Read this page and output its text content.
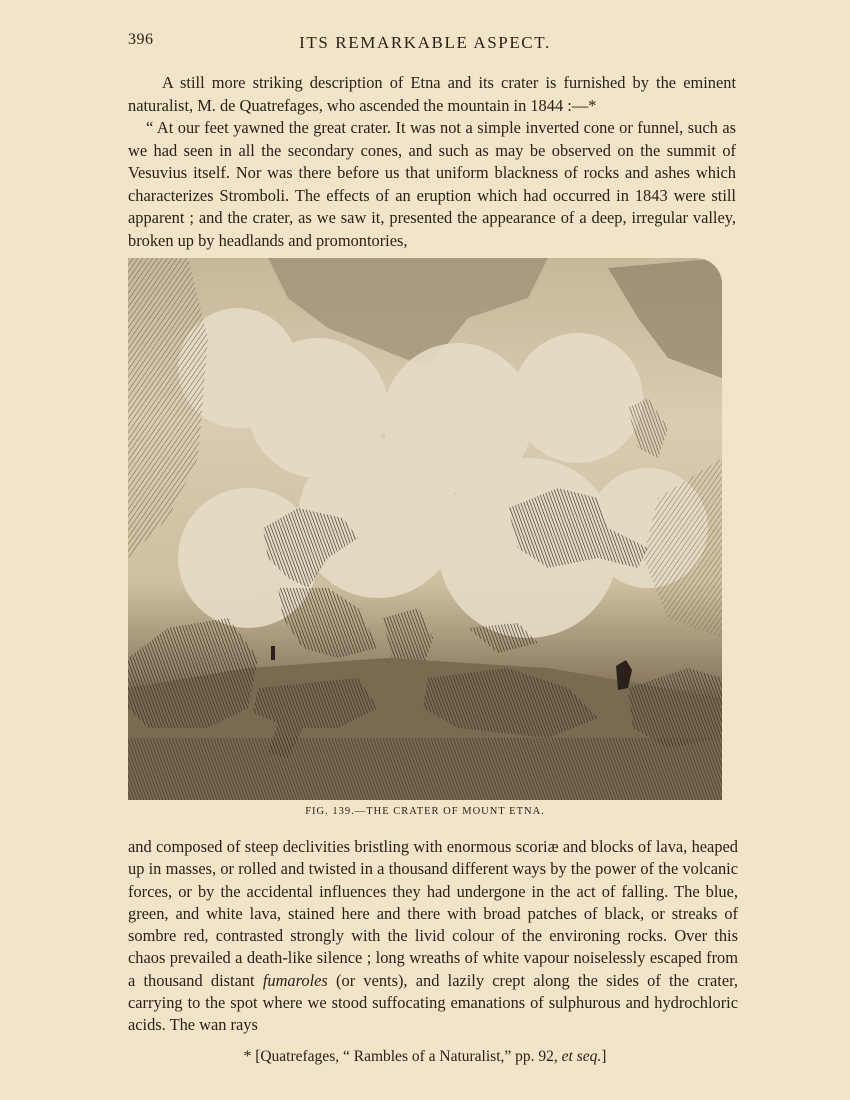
396	ITS REMARKABLE ASPECT.

A still more striking description of Etna and its crater is furnished by the eminent naturalist, M. de Quatrefages, who ascended the mountain in 1844 :—*

“ At our feet yawned the great crater. It was not a simple inverted cone or funnel, such as we had seen in all the secondary cones, and such as may be observed on the summit of Vesuvius itself. Nor was there before us that uniform blackness of rocks and ashes which characterizes Stromboli. The effects of an eruption which had occurred in 1843 were still apparent ; and the crater, as we saw it, presented the appearance of a deep, irregular valley, broken up by headlands and promontories,

FIG. 139.—THE CRATER OF MOUNT ETNA.

and composed of steep declivities bristling with enormous scoriæ and blocks of lava, heaped up in masses, or rolled and twisted in a thousand different ways by the power of the volcanic forces, or by the accidental influences they had undergone in the act of falling. The blue, green, and white lava, stained here and there with broad patches of black, or streaks of sombre red, contrasted strongly with the livid colour of the environing rocks. Over this chaos prevailed a death-like silence ; long wreaths of white vapour noiselessly escaped from a thousand distant fumaroles (or vents), and lazily crept along the sides of the crater, carrying to the spot where we stood suffocating emanations of sulphurous and hydrochloric acids. The wan rays

* [Quatrefages, “ Rambles of a Naturalist,” pp. 92, et seq.]
